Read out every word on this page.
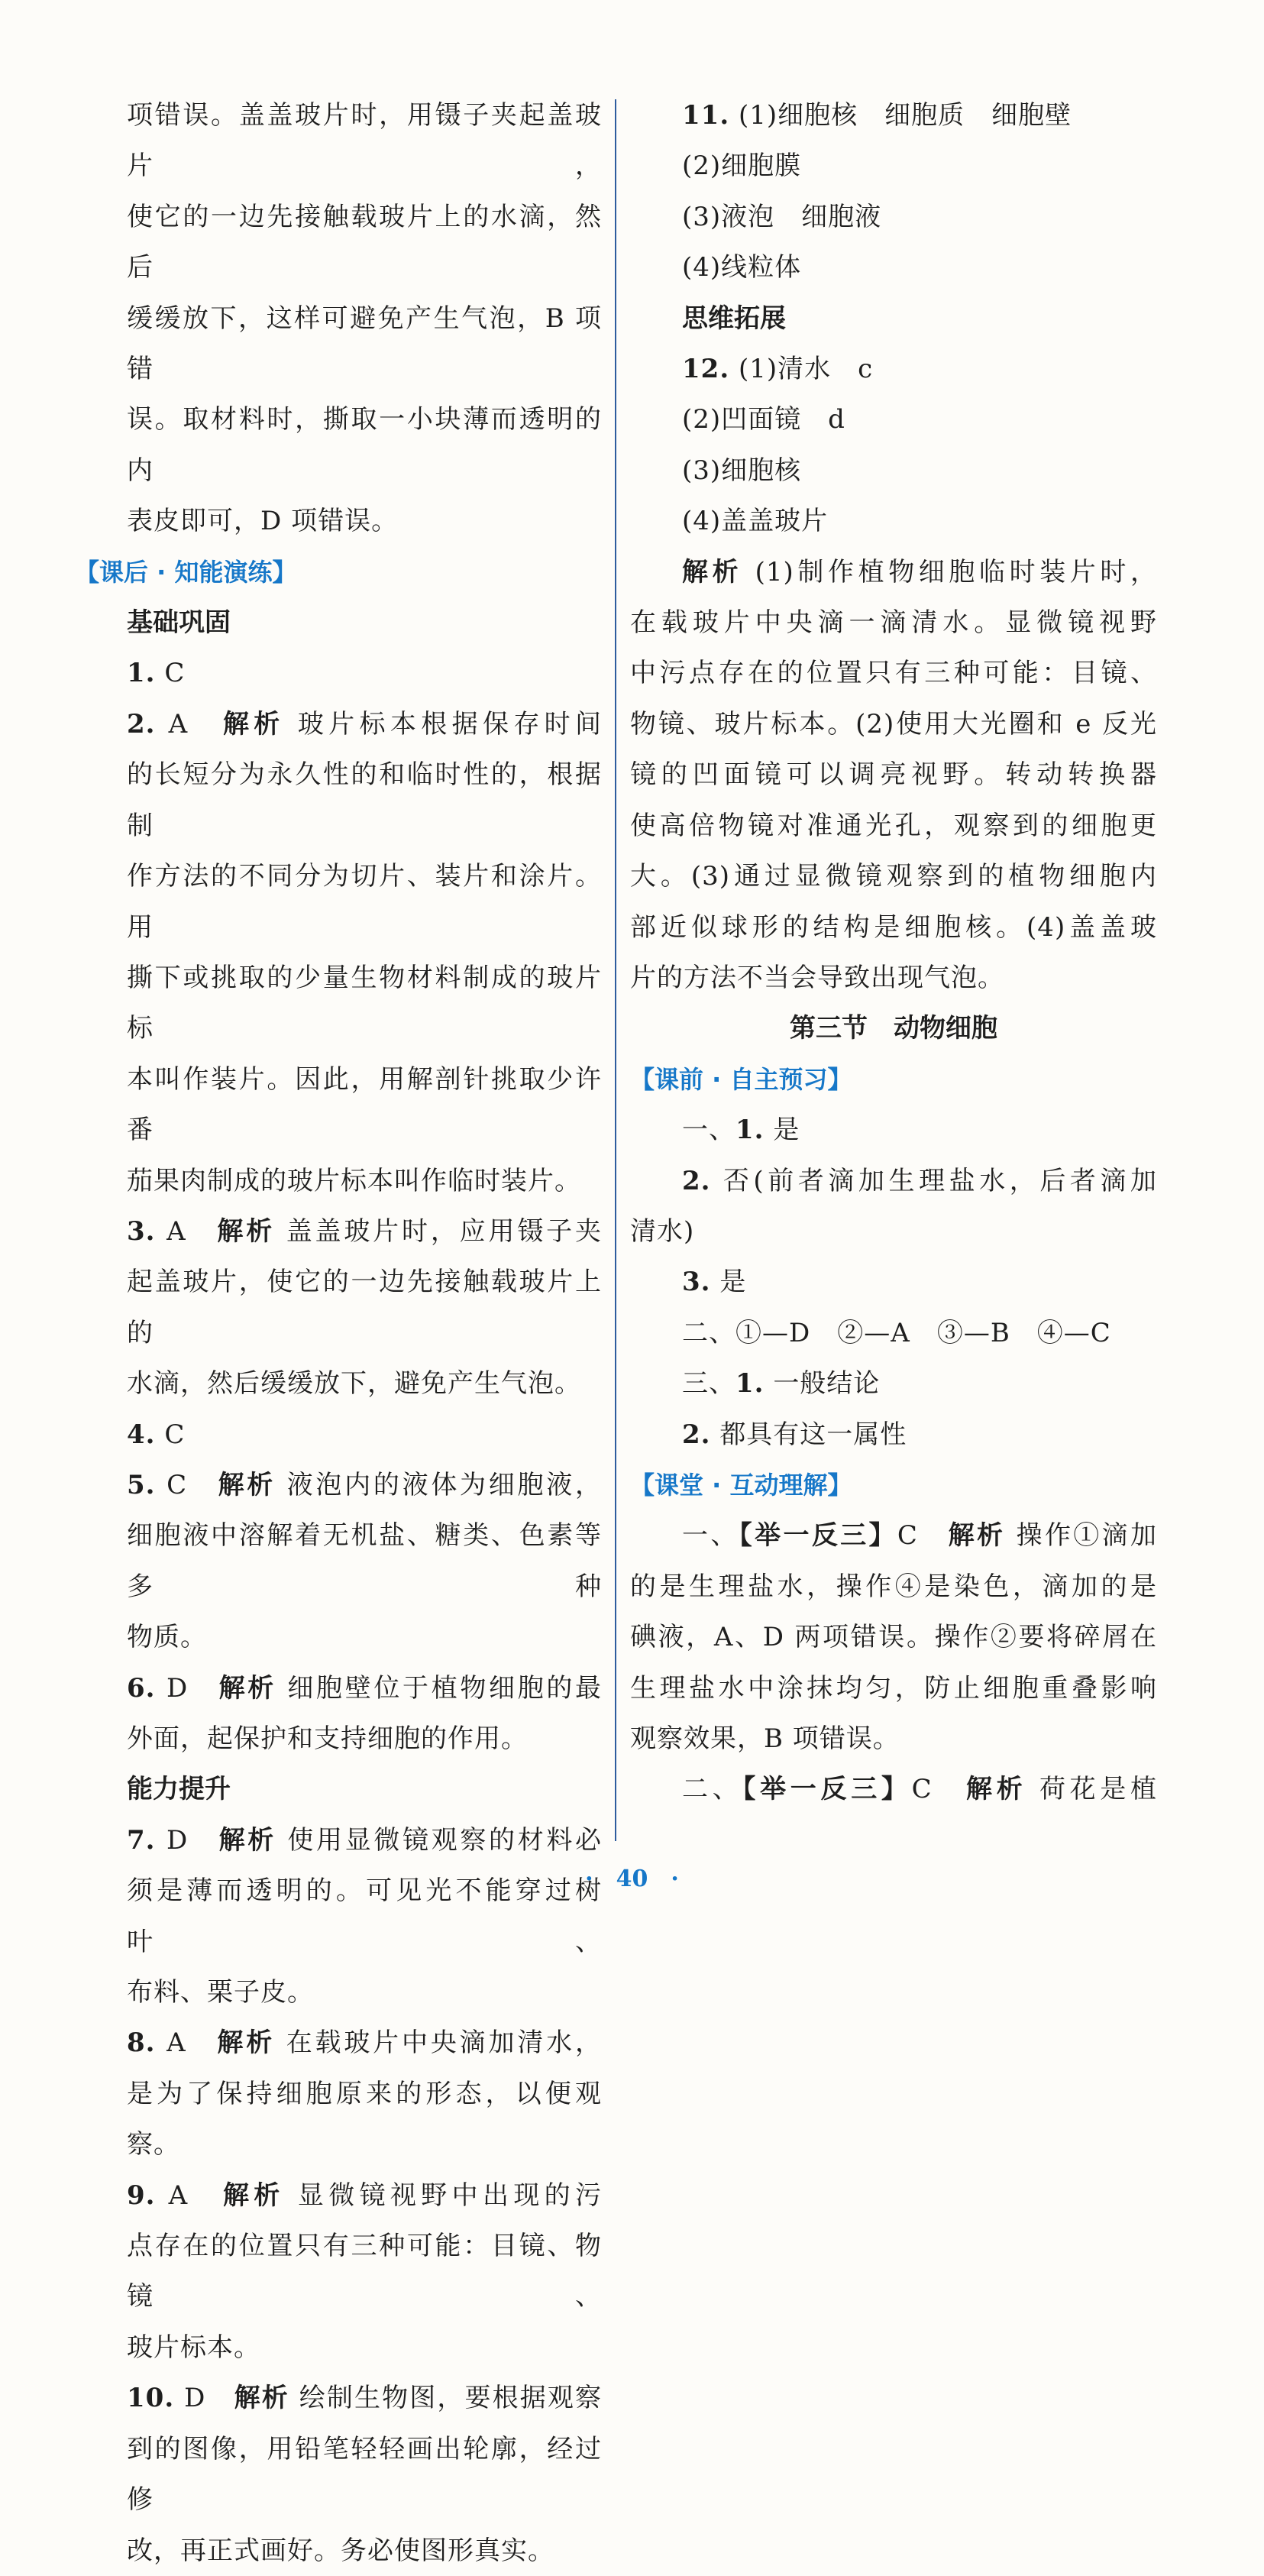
项错误。盖盖玻片时，用镊子夹起盖玻片，

使它的一边先接触载玻片上的水滴，然后

缓缓放下，这样可避免产生气泡，B 项错

误。取材料时，撕取一小块薄而透明的内

表皮即可，D 项错误。

【课后 · 知能演练】

基础巩固

1. C

2. A　 解析 玻片标本根据保存时间

的长短分为永久性的和临时性的，根据制

作方法的不同分为切片、装片和涂片。用

撕下或挑取的少量生物材料制成的玻片标

本叫作装片。因此，用解剖针挑取少许番

茄果肉制成的玻片标本叫作临时装片。

3. A　 解析 盖盖玻片时，应用镊子夹

起盖玻片，使它的一边先接触载玻片上的

水滴，然后缓缓放下，避免产生气泡。

4. C

5. C　 解析 液泡内的液体为细胞液，

细胞液中溶解着无机盐、糖类、色素等多种

物质。

6. D　 解析 细胞壁位于植物细胞的最

外面，起保护和支持细胞的作用。

能力提升

7. D　 解析 使用显微镜观察的材料必

须是薄而透明的。可见光不能穿过树叶、

布料、栗子皮。

8. A　 解析 在载玻片中央滴加清水，

是为了保持细胞原来的形态，以便观察。

9. A　 解析 显微镜视野中出现的污

点存在的位置只有三种可能：目镜、物镜、

玻片标本。

10. D　 解析 绘制生物图，要根据观察

到的图像，用铅笔轻轻画出轮廓，经过修

改，再正式画好。务必使图形真实。

11. (1)细胞核　细胞质　细胞壁

(2)细胞膜

(3)液泡　细胞液

(4)线粒体

思维拓展

12. (1)清水　c

(2)凹面镜　d

(3)细胞核

(4)盖盖玻片

解析 (1)制作植物细胞临时装片时，

在载玻片中央滴一滴清水。显微镜视野

中污点存在的位置只有三种可能：目镜、

物镜、玻片标本。(2)使用大光圈和 e 反光

镜的凹面镜可以调亮视野。转动转换器

使高倍物镜对准通光孔，观察到的细胞更

大。(3)通过显微镜观察到的植物细胞内

部近似球形的结构是细胞核。(4)盖盖玻

片的方法不当会导致出现气泡。

第三节　动物细胞

【课前 · 自主预习】

一、1. 是

2. 否(前者滴加生理盐水，后者滴加

清水)

3. 是

二、①—D　②—A　③—B　④—C

三、1. 一般结论

2. 都具有这一属性

【课堂 · 互动理解】

一、【举一反三】C　 解析 操作①滴加

的是生理盐水，操作④是染色，滴加的是

碘液，A、D 两项错误。操作②要将碎屑在

生理盐水中涂抹均匀，防止细胞重叠影响

观察效果，B 项错误。

二、【举一反三】C　 解析 荷花是植

·　40　·
